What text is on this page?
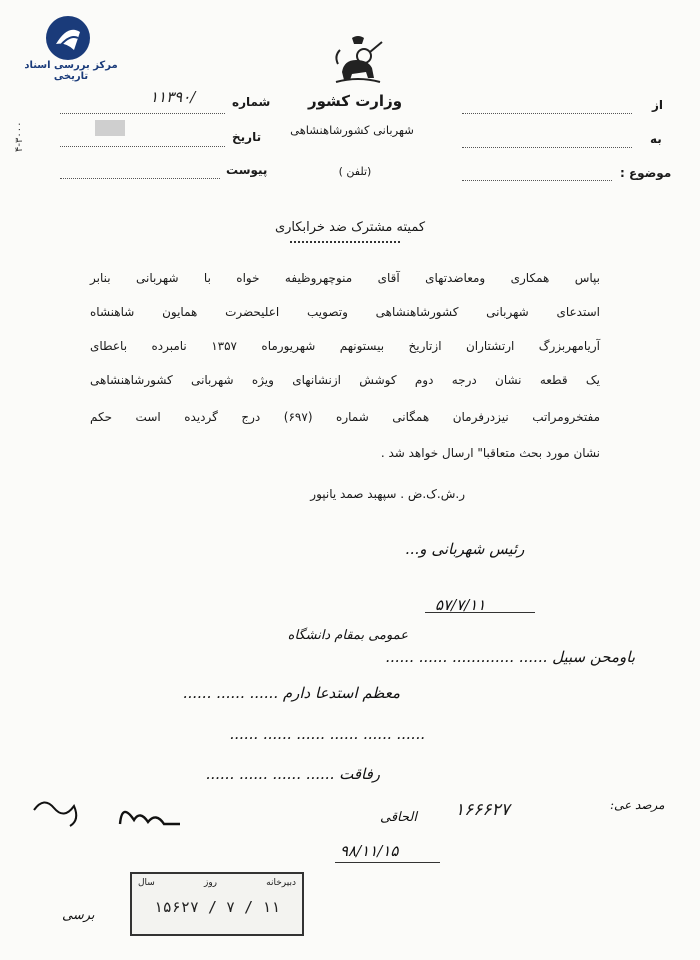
مرکز بررسی اسناد تاریخی
۴-۳۰۰۰
وزارت کشور
شهربانی کشورشاهنشاهی
(تلفن )
از
به
موضوع :
شماره
۱۱۳۹۰/
تاریخ
پیوست
کمیته مشترک ضد خرابکاری
بپاس همکاری ومعاضدتهای آقای منوچهروظیفه خواه با شهربانی بنابر
استدعای شهربانی کشورشاهنشاهی وتصویب اعلیحضرت همایون شاهنشاه
آریامهربزرگ ارتشتاران ازتاریخ بیستونهم شهریورماه ۱۳۵۷ نامبرده باعطای
یک قطعه نشان درجه دوم کوشش ازنشانهای ویژه شهربانی کشورشاهنشاهی
مفتخرومراتب نیزدرفرمان همگانی شماره (۶۹۷) درج گردیده است حکم
نشان مورد بحث متعاقبا" ارسال خواهد شد .
ر.ش.ک.ض . سپهبد صمد یانپور
رئیس شهربانی و...
۵۷/۷/۱۱
عمومی بمقام دانشگاه
باومحن سبیل ...... ............. ...... ......
معظم استدعا دارم ...... ...... ......
...... ...... ...... ...... ...... ......
رفاقت ...... ...... ...... ......
مرصد عی:
۱۶۶۶۲۷
الحاقی
۹۸/۱۱/۱۵
دبیرخانه
روز
سال
۱۵۶۲۷ / ۷ / ۱۱
برسی
